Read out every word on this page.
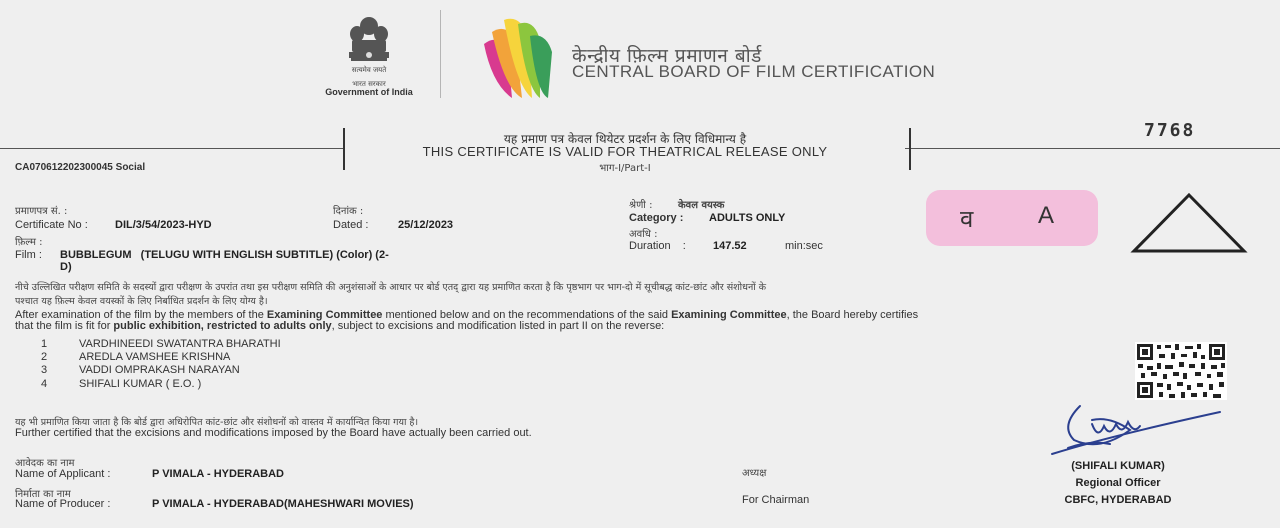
सत्यमेव जयते
भारत सरकार
Government of India
केन्द्रीय फ़िल्म प्रमाणन बोर्ड
CENTRAL BOARD OF FILM CERTIFICATION
7768
यह प्रमाण पत्र केवल थियेटर प्रदर्शन के लिए विधिमान्य है
THIS CERTIFICATE IS VALID FOR THEATRICAL RELEASE ONLY
भाग-I/Part-I
CA070612202300045 Social
प्रमाणपत्र सं. :
Certificate No : DIL/3/54/2023-HYD
दिनांक :
Dated :	25/12/2023
फ़िल्म :
Film : BUBBLEGUM   (TELUGU WITH ENGLISH SUBTITLE) (Color) (2-
D)
श्रेणी :	केवल वयस्क
Category : ADULTS ONLY
अवधि :
Duration    : 147.52	min:sec
व	A
नीचे उल्लिखित परीक्षण समिति के सदस्यों द्वारा परीक्षण के उपरांत तथा इस परीक्षण समिति की अनुशंसाओं के आधार पर बोर्ड एतद् द्वारा यह प्रमाणित करता है कि पृष्ठभाग पर भाग-दो में सूचीबद्ध कांट-छांट और संशोधनों के
पश्चात यह फ़िल्म केवल वयस्कों के लिए निर्बाधित प्रदर्शन के लिए योग्य है।
After examination of the film by the members of the Examining Committee mentioned below and on the recommendations of the said Examining Committee, the Board hereby certifies
that the film is fit for public exhibition, restricted to adults only, subject to excisions and modification listed in part II on the reverse:
1	VARDHINEEDI SWATANTRA BHARATHI
2	AREDLA VAMSHEE KRISHNA
3	VADDI OMPRAKASH NARAYAN
4	SHIFALI KUMAR ( E.O. )
यह भी प्रमाणित किया जाता है कि बोर्ड द्वारा अधिरोपित कांट-छांट और संशोधनों को वास्तव में कार्यान्वित किया गया है।
Further certified that the excisions and modifications imposed by the Board have actually been carried out.
आवेदक का नाम
Name of Applicant :	P VIMALA - HYDERABAD
निर्माता का नाम
Name of Producer :	P VIMALA - HYDERABAD(MAHESHWARI MOVIES)
अध्यक्ष
For Chairman
(SHIFALI KUMAR)
Regional Officer
CBFC, HYDERABAD
